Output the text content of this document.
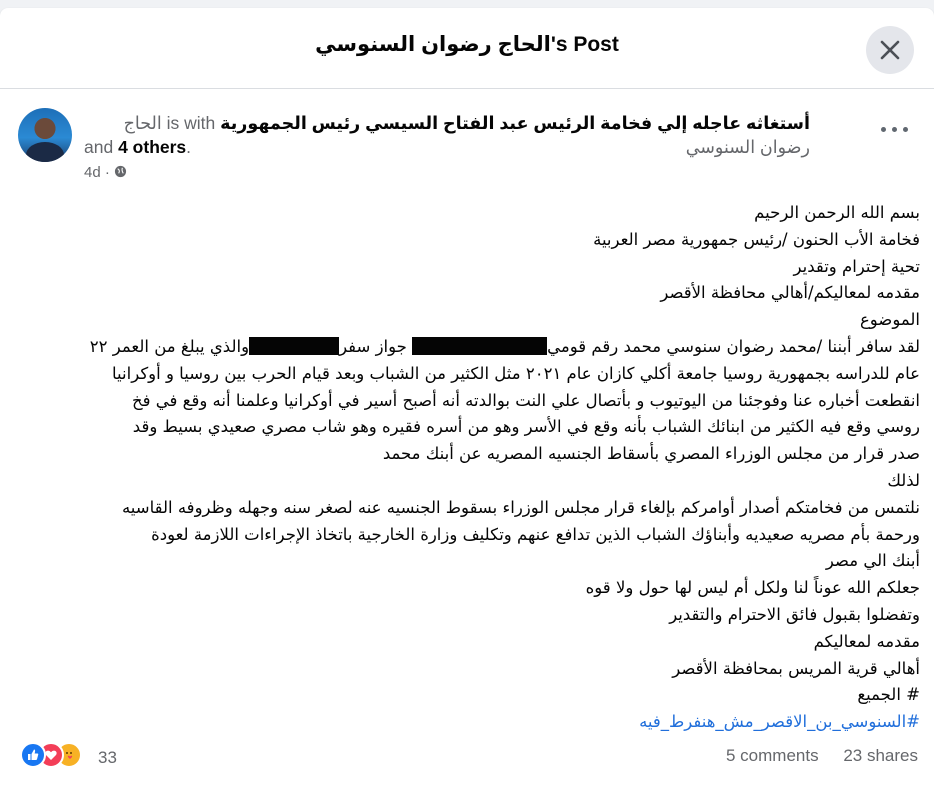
الحاج رضوان السنوسي's Post
أستغاثه عاجله إلي فخامة الرئيس عبد الفتاح السيسي رئيس الجمهورية is with الحاج رضوان السنوسي
and 4 others.
4d ·
بسم الله الرحمن الرحيم
فخامة الأب الحنون /رئيس جمهورية مصر العربية
تحية إحترام وتقدير
مقدمه لمعاليكم/أهالي محافظة الأقصر
الموضوع
لقد سافر أبننا /محمد رضوان سنوسي محمد رقم قومي جواز سفروالذي يبلغ من العمر ٢٢
عام للدراسه بجمهورية روسيا جامعة أكلي كازان عام ٢٠٢١ مثل الكثير من الشباب وبعد قيام الحرب بين روسيا و أوكرانيا
انقطعت أخباره عنا وفوجئنا من اليوتيوب و بأتصال علي النت بوالدته أنه أصبح أسير في أوكرانيا وعلمنا أنه وقع في فخ
روسي وقع فيه الكثير من ابنائك الشباب بأنه وقع في الأسر وهو من أسره فقيره وهو شاب مصري صعيدي بسيط وقد
صدر قرار من مجلس الوزراء المصري بأسقاط الجنسيه المصريه عن أبنك محمد
لذلك
نلتمس من فخامتكم أصدار أوامركم بإلغاء قرار مجلس الوزراء بسقوط الجنسيه عنه لصغر سنه وجهله وظروفه القاسيه
ورحمة بأم مصريه صعيديه وأبناؤك الشباب الذين تدافع عنهم وتكليف وزارة الخارجية باتخاذ الإجراءات اللازمة لعودة
أبنك الي مصر
جعلكم الله عوناً لنا ولكل أم ليس لها حول ولا قوه
وتفضلوا بقبول فائق الاحترام والتقدير
مقدمه لمعاليكم
أهالي قرية المريس بمحافظة الأقصر
# الجميع
#السنوسي_بن_الاقصر_مش_هنفرط_فيه
33	5 comments 23 shares
